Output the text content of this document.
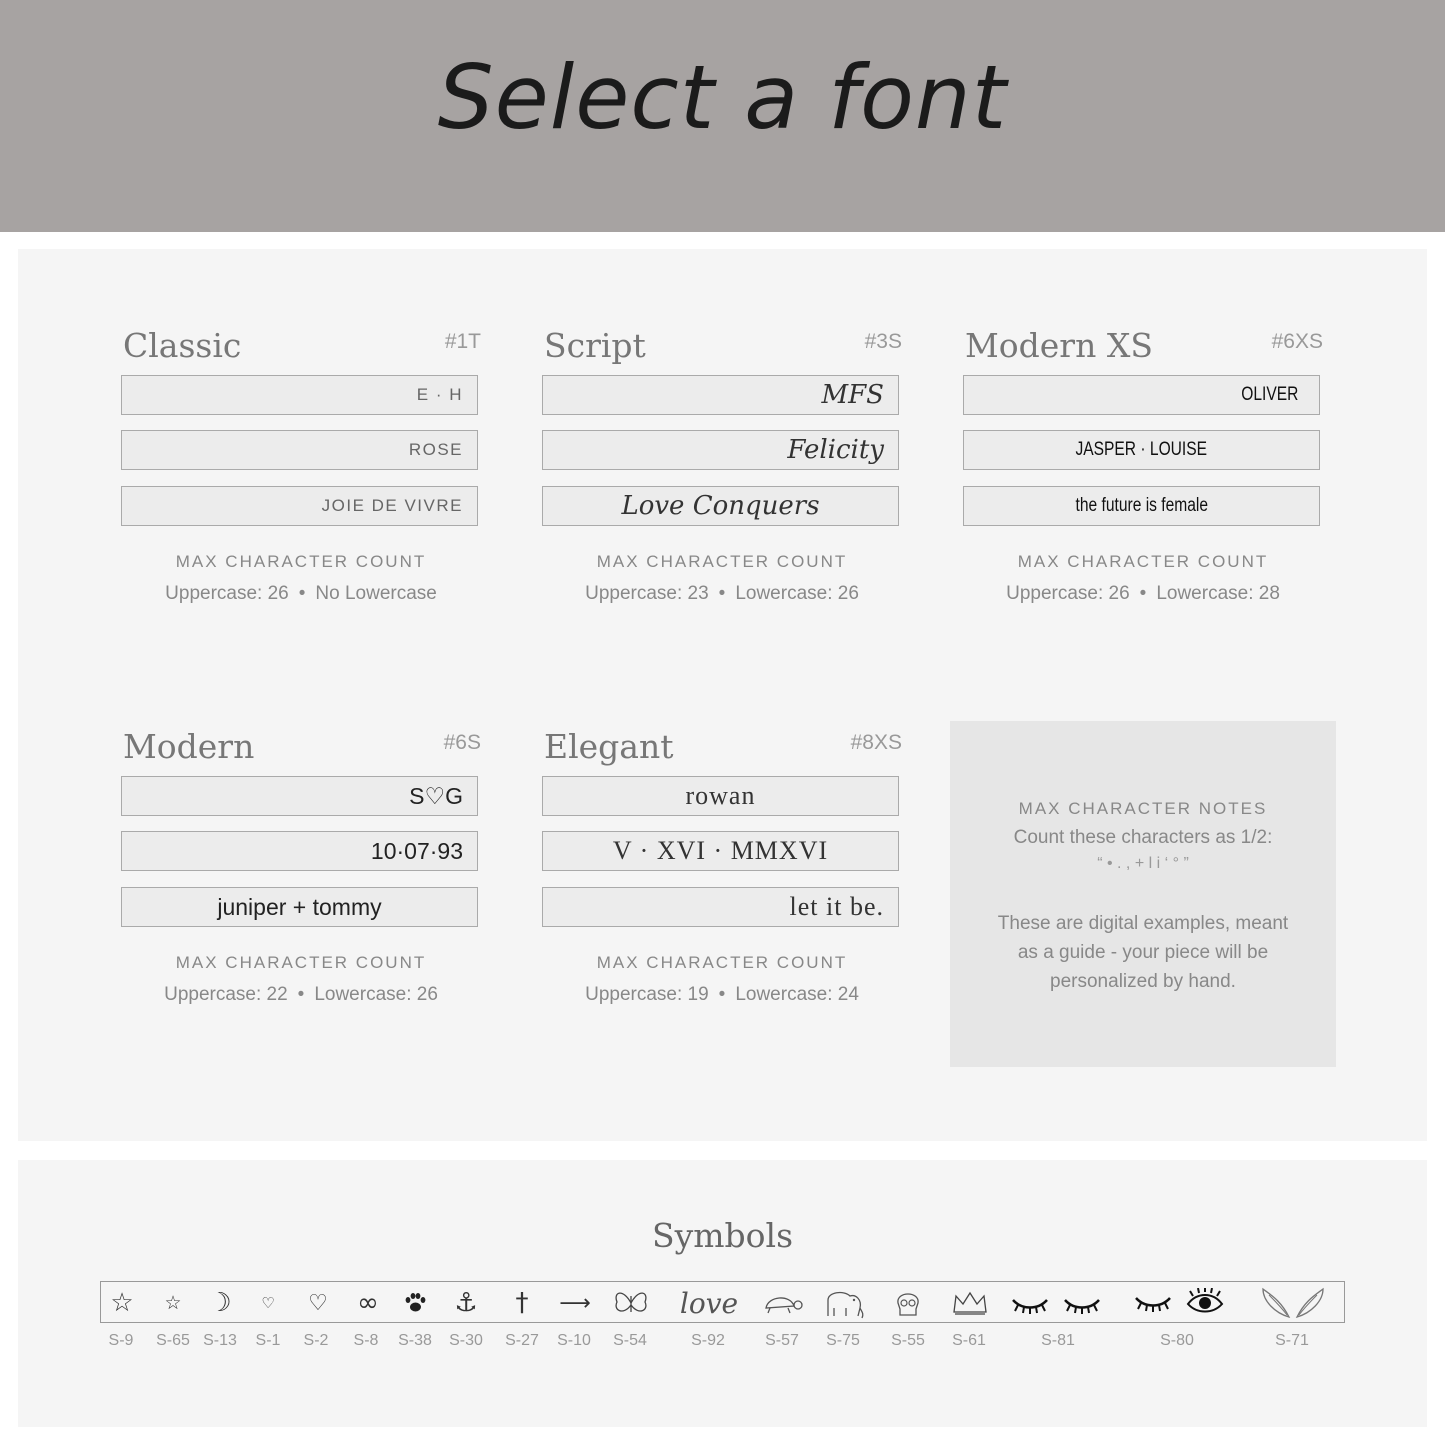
Select a font
Classic	#1T
E · H
ROSE
JOIE DE VIVRE
MAX CHARACTER COUNT
Uppercase: 26 • No Lowercase
Script	#3S
MFS
Felicity
Love Conquers
MAX CHARACTER COUNT
Uppercase: 23 • Lowercase: 26
Modern XS	#6XS
OLIVER
JASPER · LOUISE
the future is female
MAX CHARACTER COUNT
Uppercase: 26 • Lowercase: 28
Modern	#6S
S♡G
10·07·93
juniper + tommy
MAX CHARACTER COUNT
Uppercase: 22 • Lowercase: 26
Elegant	#8XS
rowan
V · XVI · MMXVI
let it be.
MAX CHARACTER COUNT
Uppercase: 19 • Lowercase: 24
MAX CHARACTER NOTES
Count these characters as 1/2:
“ • . , + l i ‘ ° ”
These are digital examples, meant
as a guide - your piece will be
personalized by hand.
Symbols
☆	☆	☽	♡	♡	∞	⚓	†	⟶	love
S-9	S-65 S-13	S-1	S-2	S-8	S-38	S-30	S-27	S-10	S-54	S-92	S-57	S-75	S-55	S-61	S-81	S-80	S-71
